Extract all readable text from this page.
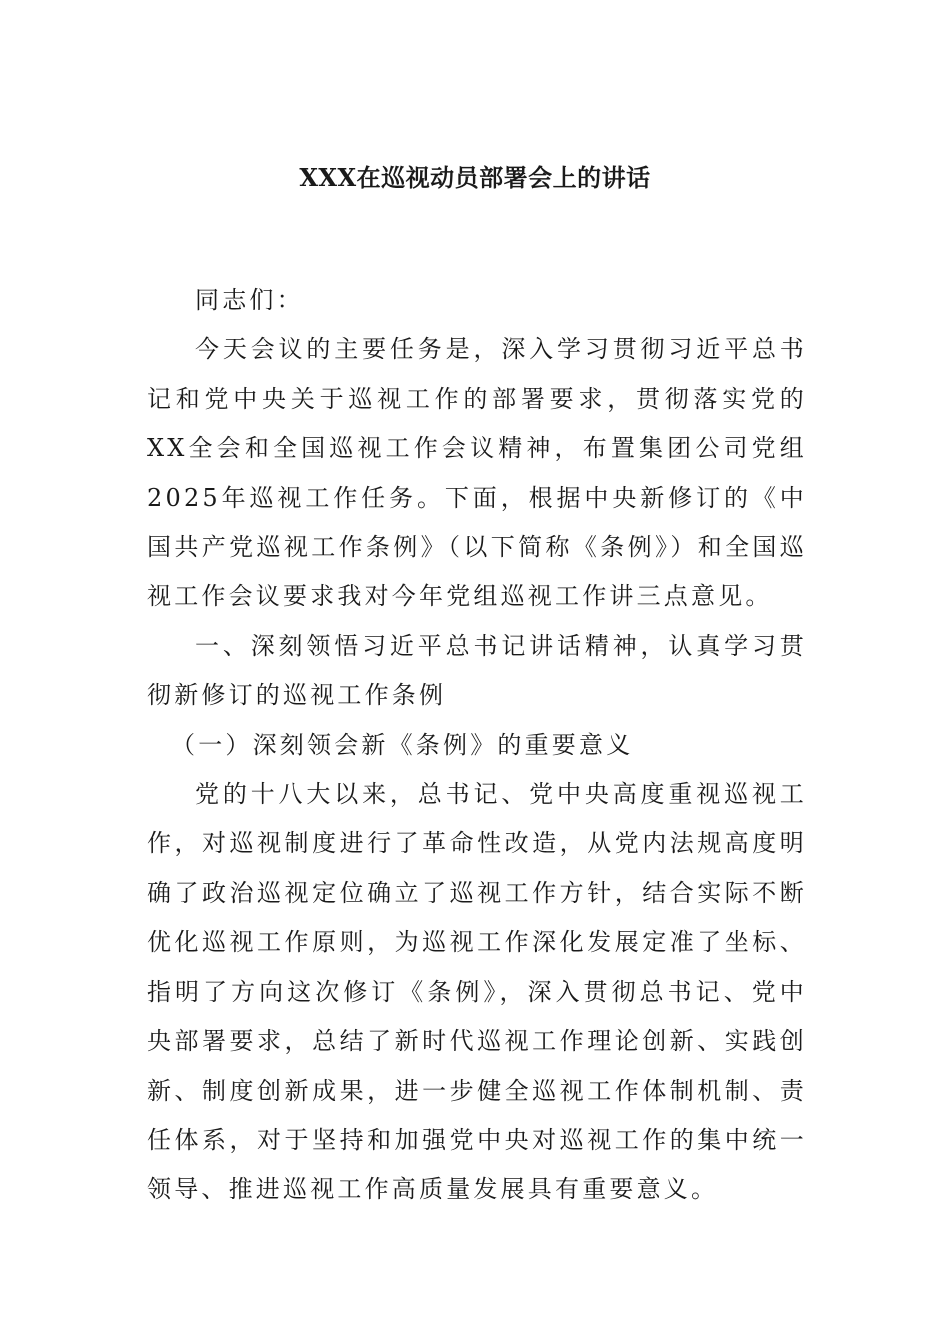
XXX在巡视动员部署会上的讲话

同志们：

今天会议的主要任务是，深入学习贯彻习近平总书记和党中央关于巡视工作的部署要求，贯彻落实党的XX全会和全国巡视工作会议精神，布置集团公司党组2025年巡视工作任务。下面，根据中央新修订的《中国共产党巡视工作条例》（以下简称《条例》）和全国巡视工作会议要求我对今年党组巡视工作讲三点意见。

一、深刻领悟习近平总书记讲话精神，认真学习贯彻新修订的巡视工作条例

（一）深刻领会新《条例》的重要意义

党的十八大以来，总书记、党中央高度重视巡视工作，对巡视制度进行了革命性改造，从党内法规高度明确了政治巡视定位确立了巡视工作方针，结合实际不断优化巡视工作原则，为巡视工作深化发展定准了坐标、指明了方向这次修订《条例》，深入贯彻总书记、党中央部署要求，总结了新时代巡视工作理论创新、实践创新、制度创新成果，进一步健全巡视工作体制机制、责任体系，对于坚持和加强党中央对巡视工作的集中统一领导、推进巡视工作高质量发展具有重要意义。
